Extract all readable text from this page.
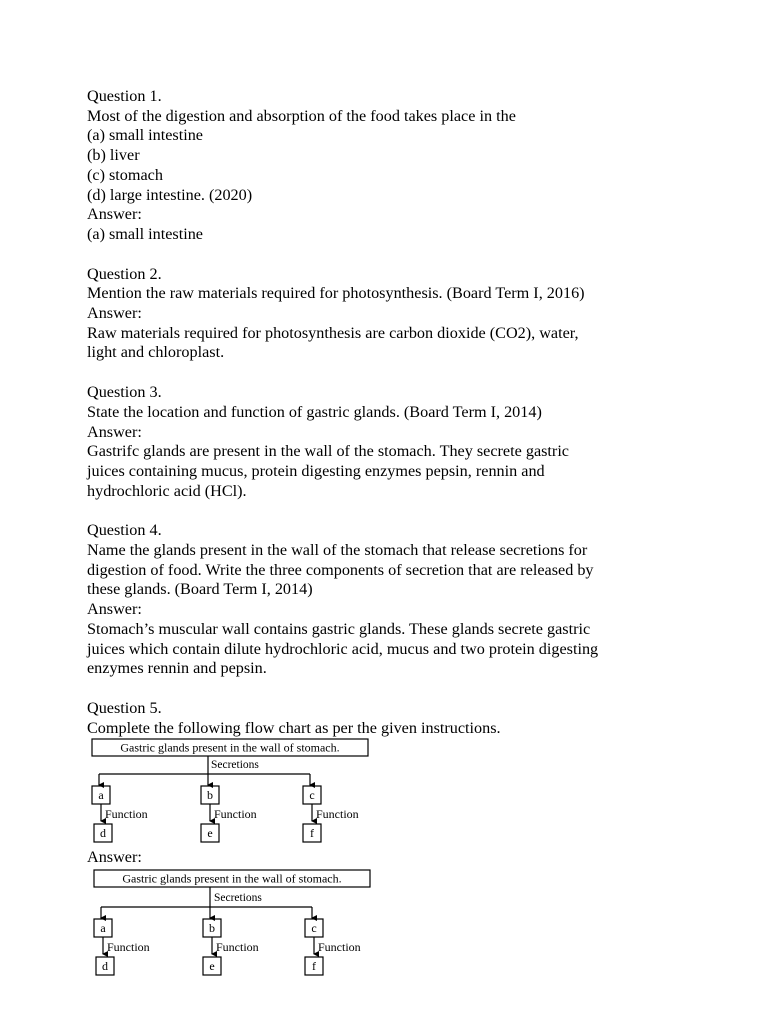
Question 1.
Most of the digestion and absorption of the food takes place in the
(a) small intestine
(b) liver
(c) stomach
(d) large intestine. (2020)
Answer:
(a) small intestine
Question 2.
Mention the raw materials required for photosynthesis. (Board Term I, 2016)
Answer:
Raw materials required for photosynthesis are carbon dioxide (CO2), water,
light and chloroplast.
Question 3.
State the location and function of gastric glands. (Board Term I, 2014)
Answer:
Gastrifc glands are present in the wall of the stomach. They secrete gastric
juices containing mucus, protein digesting enzymes pepsin, rennin and
hydrochloric acid (HCl).
Question 4.
Name the glands present in the wall of the stomach that release secretions for
digestion of food. Write the three components of secretion that are released by
these glands. (Board Term I, 2014)
Answer:
Stomach’s muscular wall contains gastric glands. These glands secrete gastric
juices which contain dilute hydrochloric acid, mucus and two protein digesting
enzymes rennin and pepsin.
Question 5.
Complete the following flow chart as per the given instructions.
Gastric glands present in the wall of stomach.
Secretions
a	b	c
Function	Function	Function
d	e	f
Answer:
Gastric glands present in the wall of stomach.
Secretions
a	b	c
Function	Function	Function
d	e	f
